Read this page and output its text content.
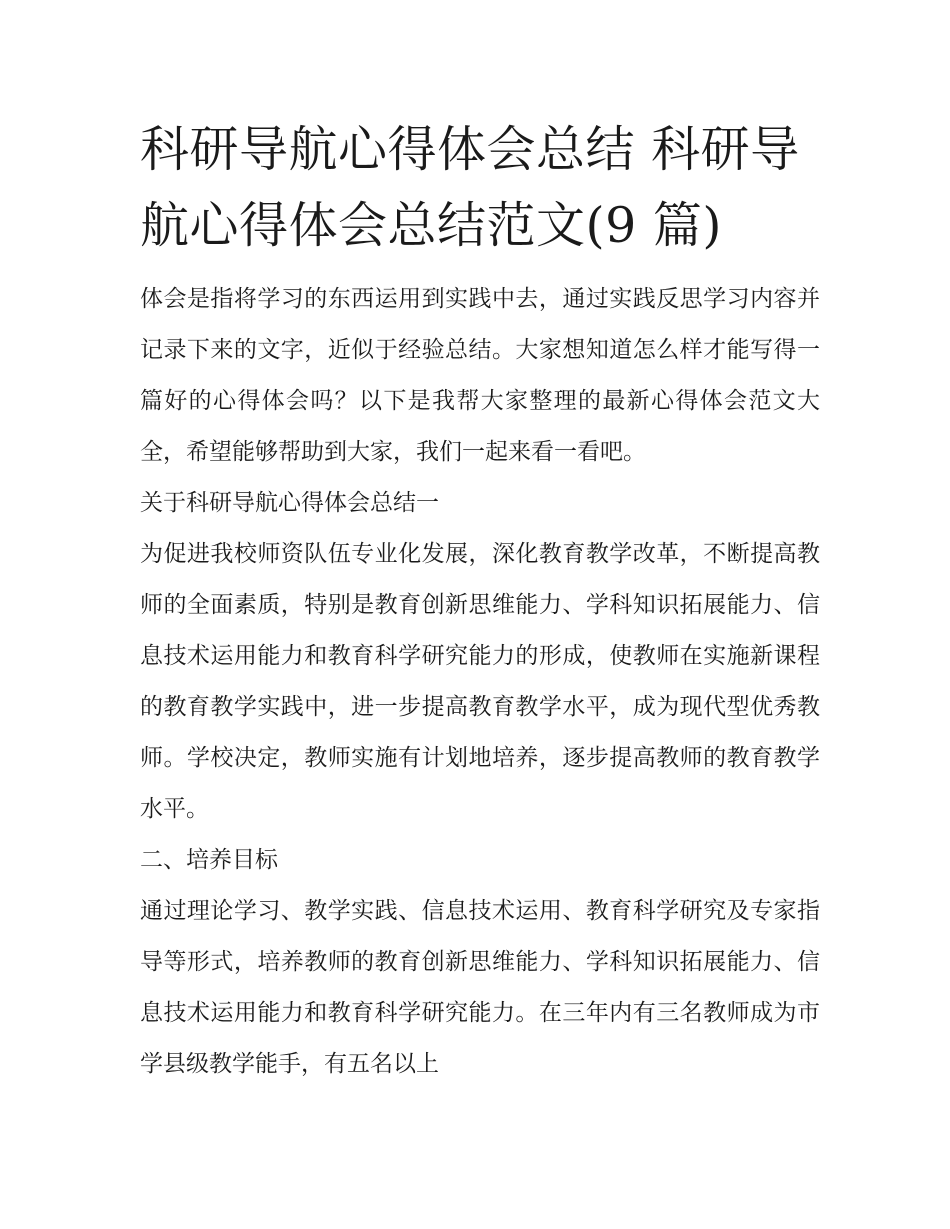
科研导航心得体会总结 科研导
航心得体会总结范文(9 篇)

体会是指将学习的东西运用到实践中去，通过实践反思学习内容并记录下来的文字，近似于经验总结。大家想知道怎么样才能写得一篇好的心得体会吗？以下是我帮大家整理的最新心得体会范文大全，希望能够帮助到大家，我们一起来看一看吧。

关于科研导航心得体会总结一

为促进我校师资队伍专业化发展，深化教育教学改革，不断提高教师的全面素质，特别是教育创新思维能力、学科知识拓展能力、信息技术运用能力和教育科学研究能力的形成，使教师在实施新课程的教育教学实践中，进一步提高教育教学水平，成为现代型优秀教师。学校决定，教师实施有计划地培养，逐步提高教师的教育教学水平。

二、培养目标

通过理论学习、教学实践、信息技术运用、教育科学研究及专家指导等形式，培养教师的教育创新思维能力、学科知识拓展能力、信息技术运用能力和教育科学研究能力。在三年内有三名教师成为市学县级教学能手，有五名以上
